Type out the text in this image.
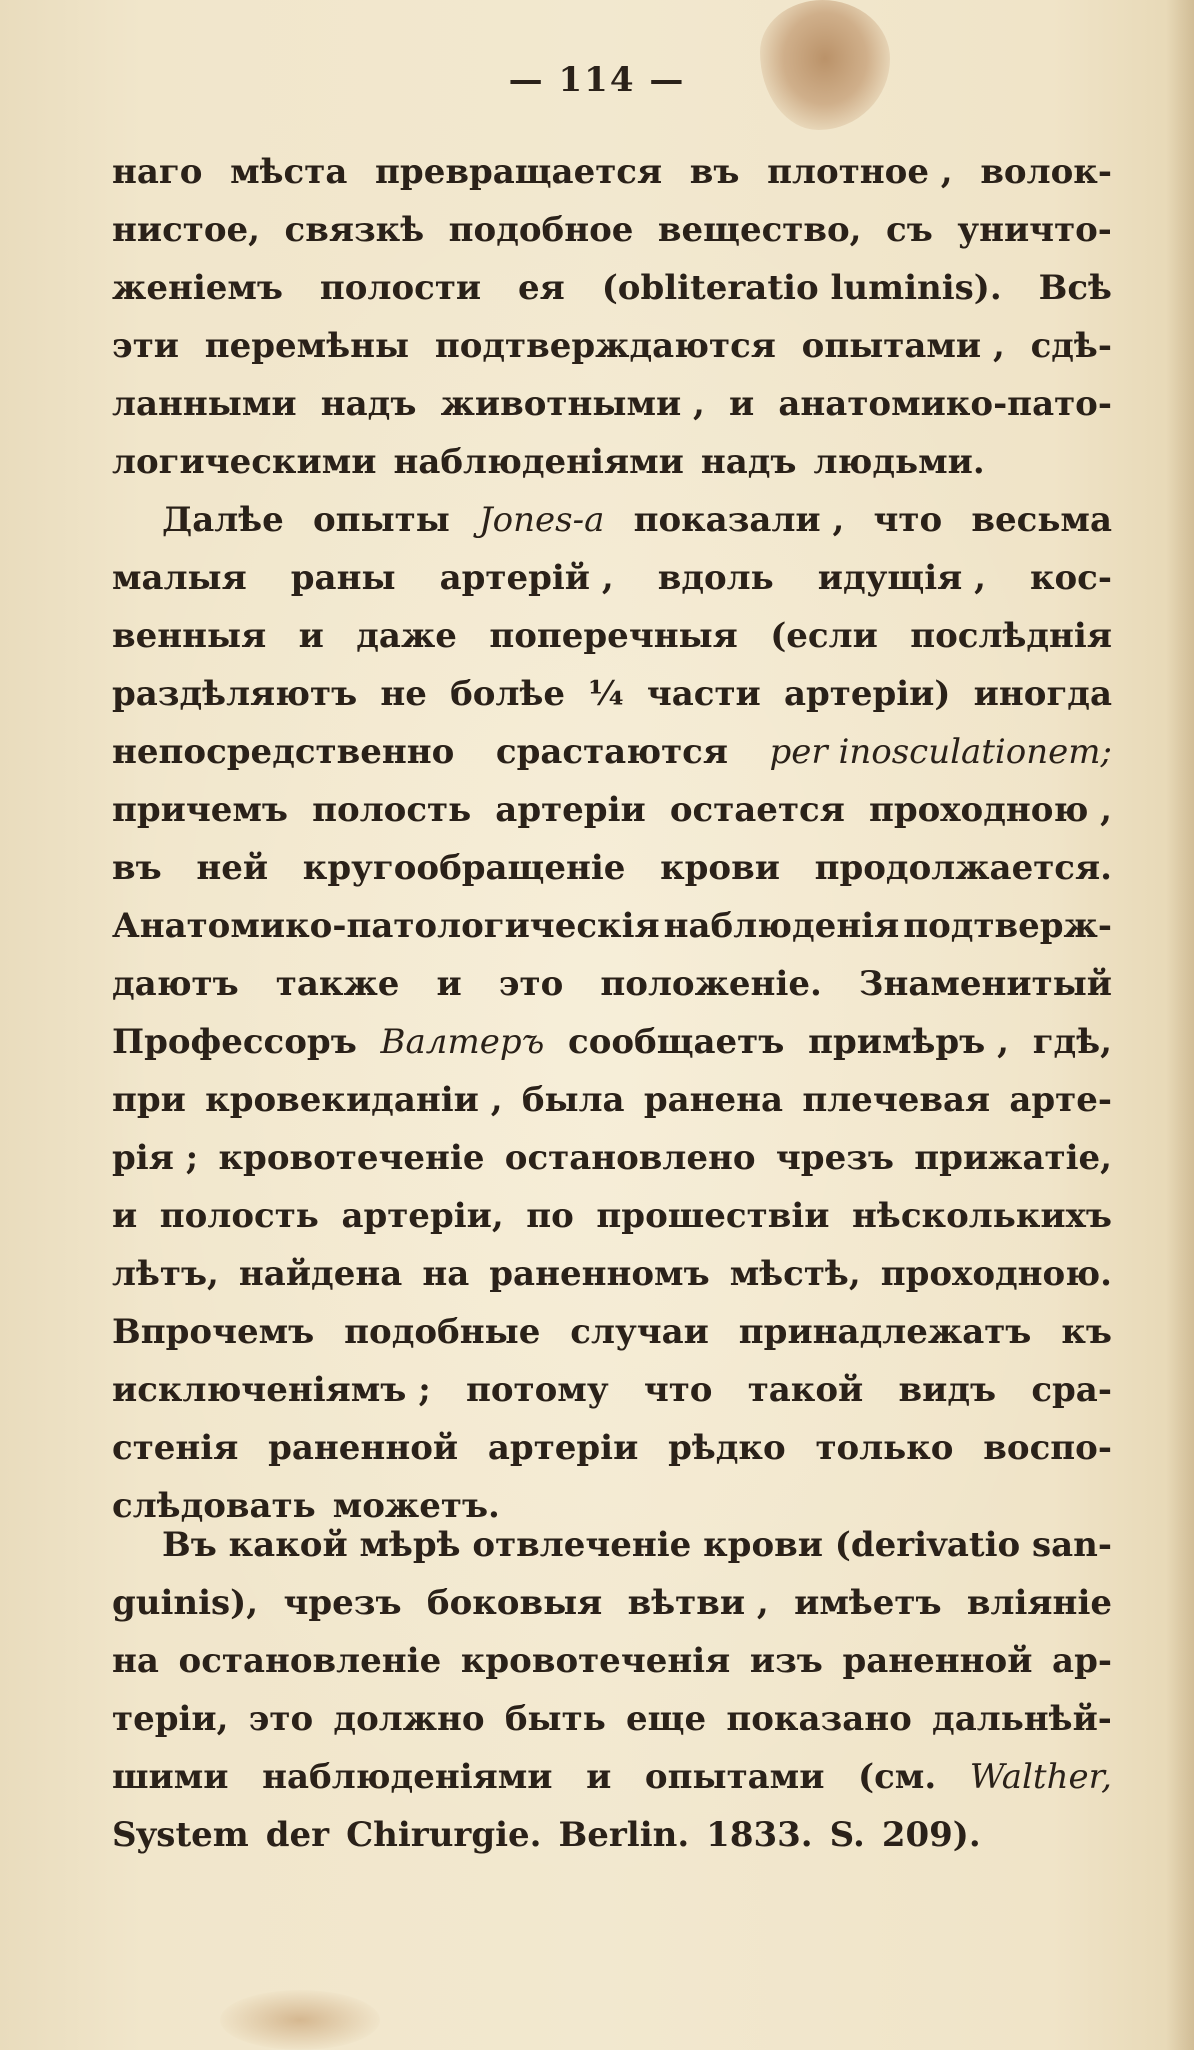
— 114 —
наго мѣста превращается въ плотное , волок-
нистое, связкѣ подобное вещество, съ уничто-
женіемъ полости ея (obliteratio luminis). Всѣ
эти перемѣны подтверждаются опытами , сдѣ-
ланными надъ животными , и анатомико-пато-
логическими наблюденіями надъ людьми.
Далѣе опыты Jones-a показали , что весьма
малыя раны артерій , вдоль идущія , кос-
венныя и даже поперечныя (если послѣднія
раздѣляютъ не болѣе ¼ части артеріи) иногда
непосредственно срастаются per inosculationem;
причемъ полость артеріи остается проходною ,
въ ней кругообращеніе крови продолжается.
Анатомико-патологическія наблюденія подтверж-
даютъ также и это положеніе. Знаменитый
Профессоръ Валтеръ сообщаетъ примѣръ , гдѣ,
при кровекиданіи , была ранена плечевая арте-
рія ; кровотеченіе остановлено чрезъ прижатіе,
и полость артеріи, по прошествіи нѣсколькихъ
лѣтъ, найдена на раненномъ мѣстѣ, проходною.
Впрочемъ подобные случаи принадлежатъ къ
исключеніямъ ; потому что такой видъ сра-
стенія раненной артеріи рѣдко только воспо-
слѣдовать можетъ.
Въ какой мѣрѣ отвлеченіе крови (derivatio san-
guinis), чрезъ боковыя вѣтви , имѣетъ вліяніе
на остановленіе кровотеченія изъ раненной ар-
теріи, это должно быть еще показано дальнѣй-
шими наблюденіями и опытами (см. Walther,
System der Chirurgie. Berlin. 1833. S. 209).
